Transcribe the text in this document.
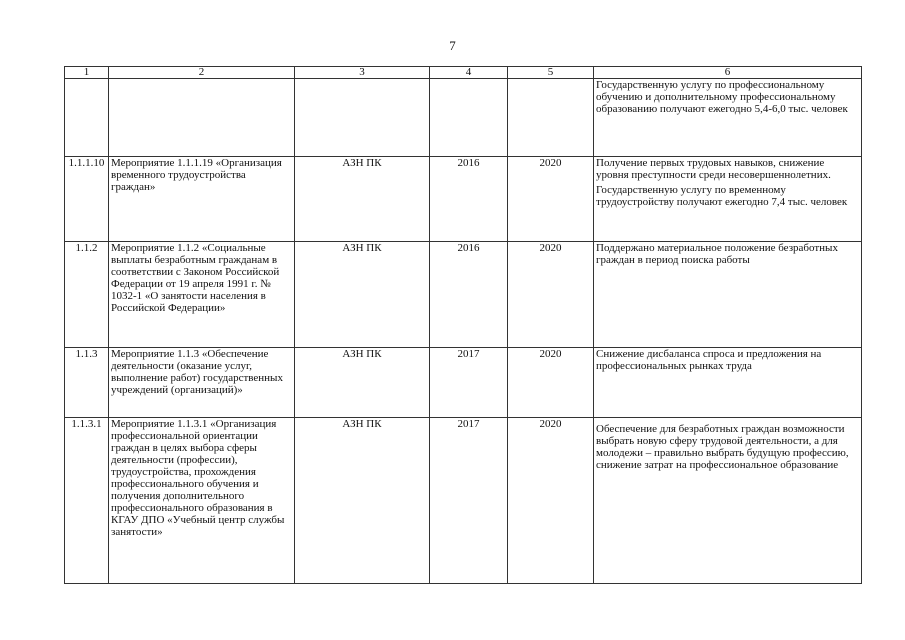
7
1	2	3	4	5	6

					Государственную услугу по профессиональному обучению и дополнительному профессиональному образованию получают ежегодно 5,4-6,0 тыс. человек

1.1.1.10	Мероприятие 1.1.1.19 «Организация временного трудоустройства граждан»	АЗН ПК	2016	2020	Получение первых трудовых навыков, снижение уровня преступности среди несовершеннолетних.
Государственную услугу по временному трудоустройству получают ежегодно 7,4 тыс. человек

1.1.2	Мероприятие 1.1.2 «Социальные выплаты безработным гражданам в соответствии с Законом Российской Федерации от 19 апреля 1991 г. № 1032-1 «О занятости населения в Российской Федерации»	АЗН ПК	2016	2020	Поддержано материальное положение безработных граждан в период поиска работы

1.1.3	Мероприятие 1.1.3 «Обеспечение деятельности (оказание услуг, выполнение работ) государственных учреждений (организаций)»	АЗН ПК	2017	2020	Снижение дисбаланса спроса и предложения на профессиональных рынках труда

1.1.3.1	Мероприятие 1.1.3.1 «Организация профессиональной ориентации граждан в целях выбора сферы деятельности (профессии), трудоустройства, прохождения профессионального обучения и получения дополнительного профессионального образования в КГАУ ДПО «Учебный центр службы занятости»	АЗН ПК	2017	2020	Обеспечение для безработных граждан возможности выбрать новую сферу трудовой деятельности, а для молодежи – правильно выбрать будущую профессию, снижение затрат на профессиональное образование
